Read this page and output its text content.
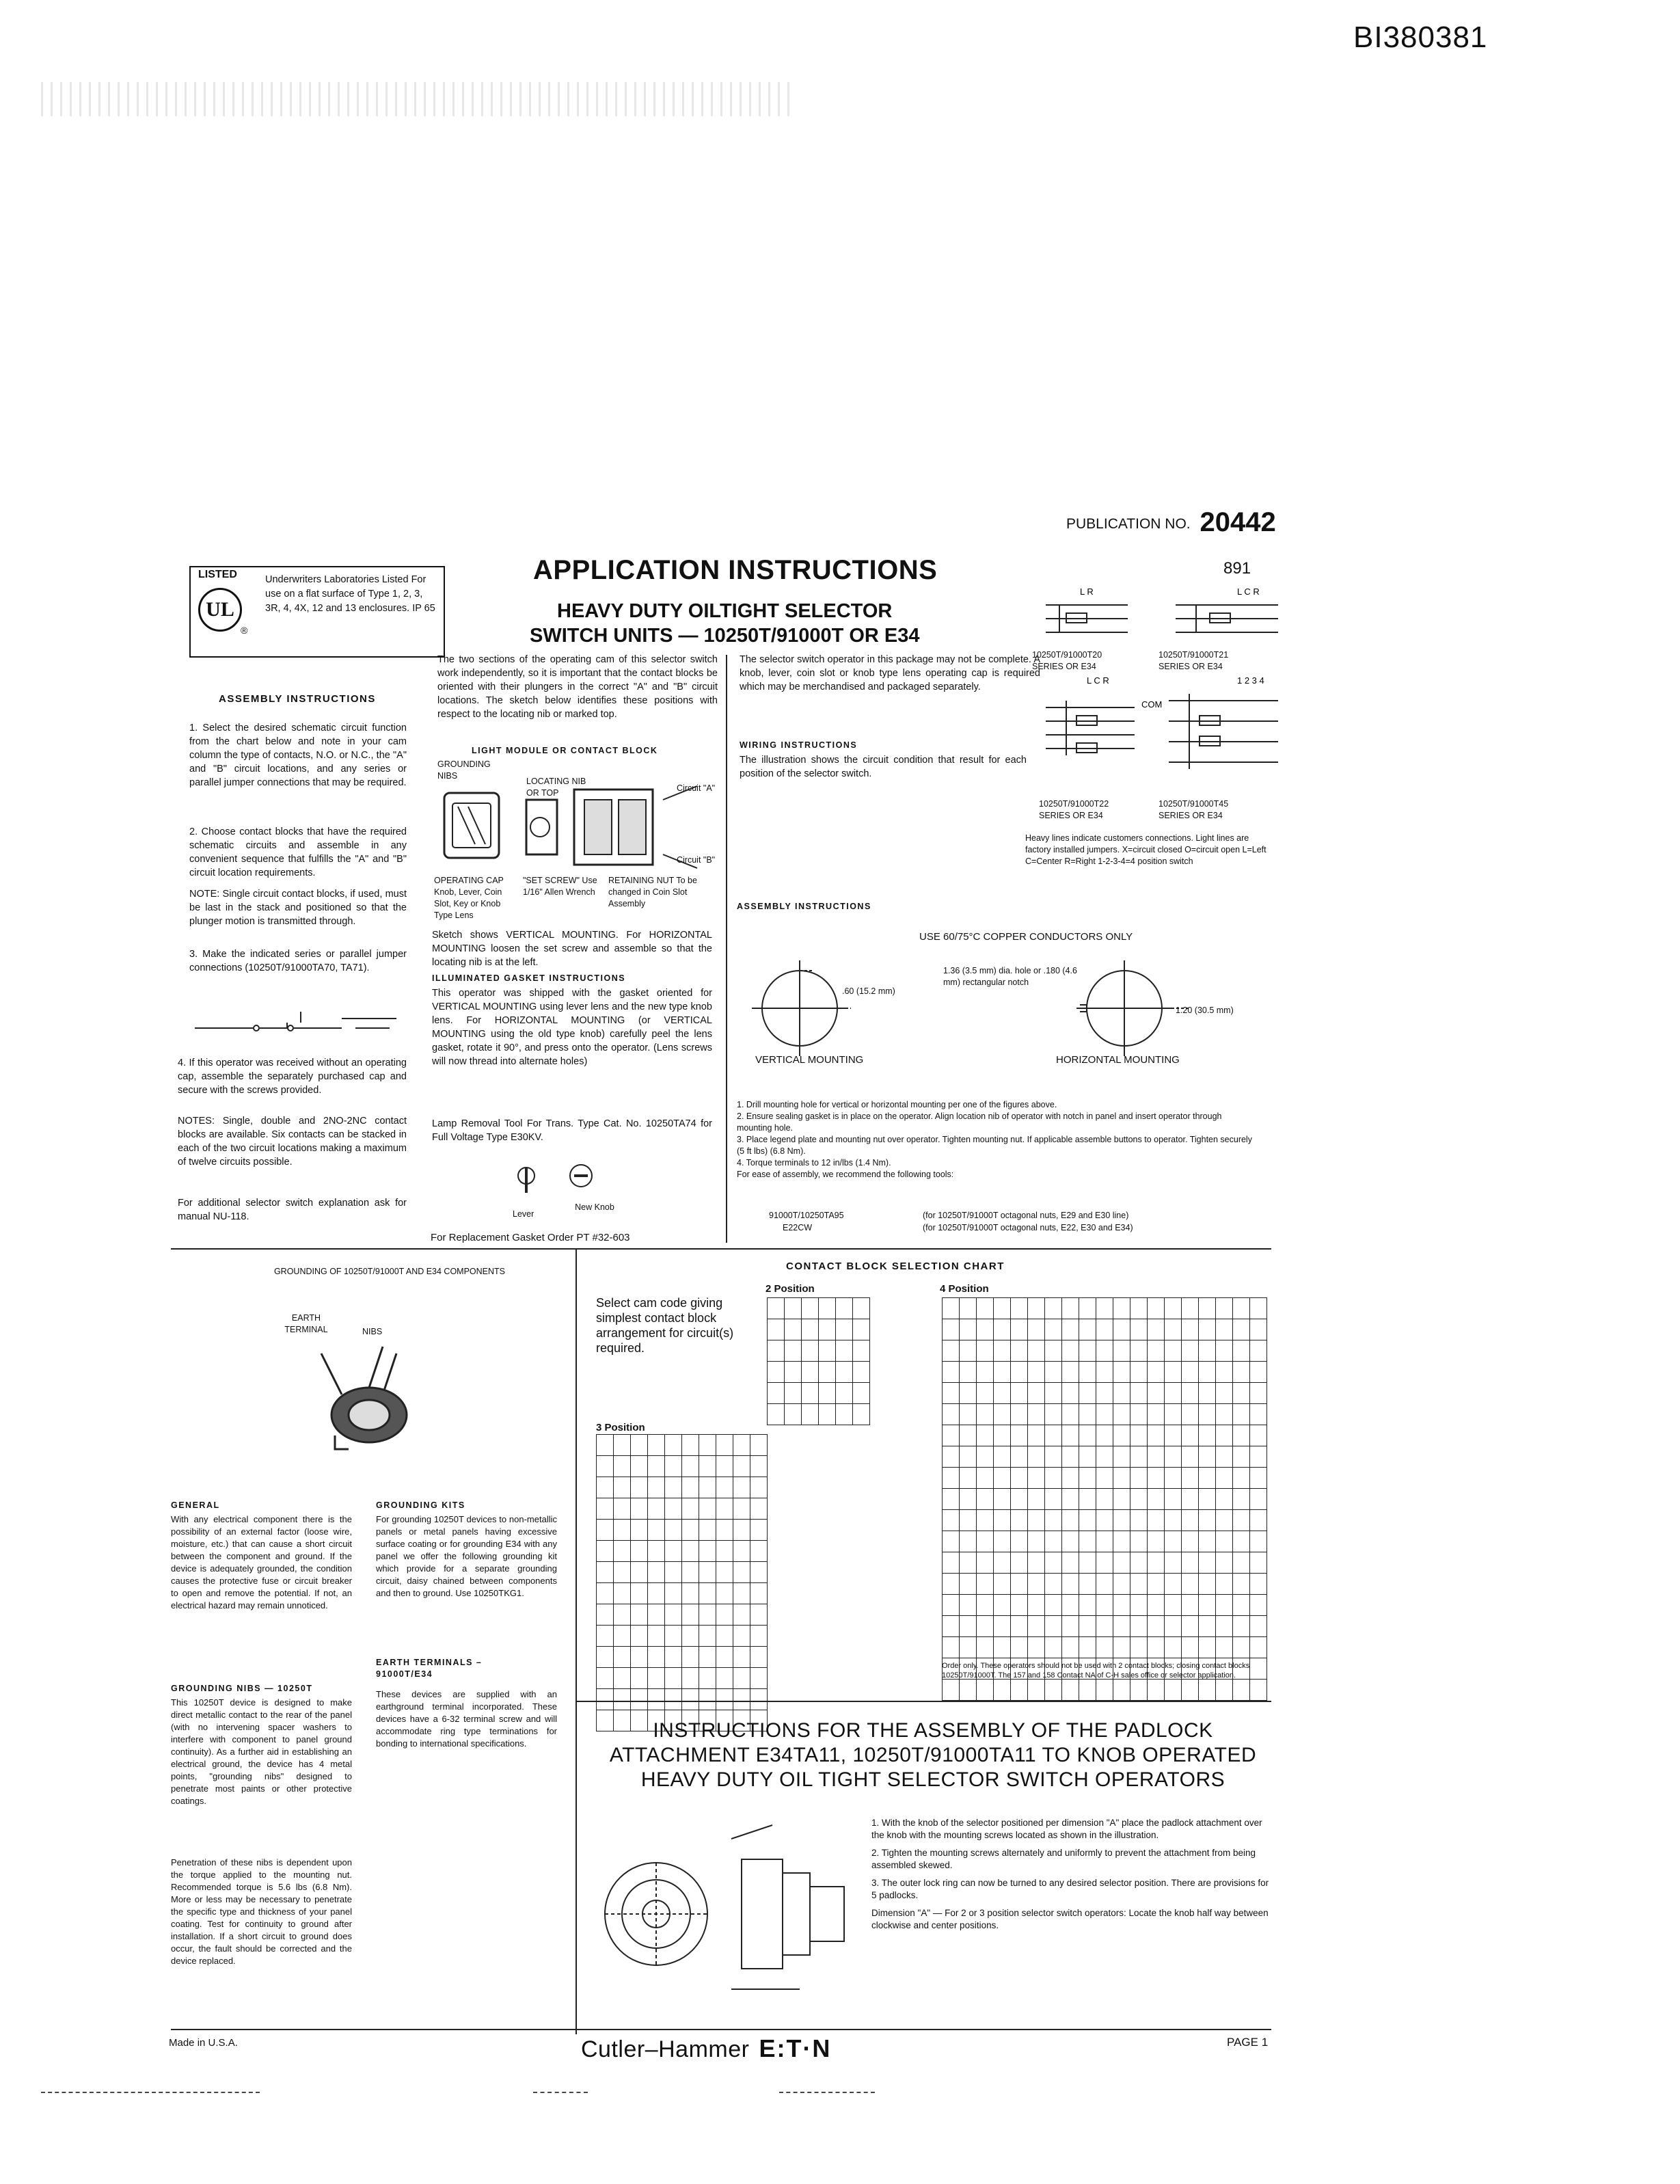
BI380381
PUBLICATION NO. 20442
891
LISTED
UL
®
Underwriters Laboratories Listed For use on a flat surface of Type 1, 2, 3, 3R, 4, 4X, 12 and 13 enclosures. IP 65
APPLICATION INSTRUCTIONS
HEAVY DUTY OILTIGHT SELECTOR
SWITCH UNITS — 10250T/91000T OR E34
ASSEMBLY INSTRUCTIONS
1. Select the desired schematic circuit function from the chart below and note in your cam column the type of contacts, N.O. or N.C., the "A" and "B" circuit locations, and any series or parallel jumper connections that may be required.
2. Choose contact blocks that have the required schematic circuits and assemble in any convenient sequence that fulfills the "A" and "B" circuit location requirements.
NOTE: Single circuit contact blocks, if used, must be last in the stack and positioned so that the plunger motion is transmitted through.
3. Make the indicated series or parallel jumper connections (10250T/91000TA70, TA71).
4. If this operator was received without an operating cap, assemble the separately purchased cap and secure with the screws provided.
NOTES: Single, double and 2NO-2NC contact blocks are available. Six contacts can be stacked in each of the two circuit locations making a maximum of twelve circuits possible.
For additional selector switch explanation ask for manual NU-118.
The two sections of the operating cam of this selector switch work independently, so it is important that the contact blocks be oriented with their plungers in the correct "A" and "B" circuit locations. The sketch below identifies these positions with respect to the locating nib or marked top.
LIGHT MODULE OR CONTACT BLOCK
GROUNDING NIBS
LOCATING NIB OR TOP	Circuit "A"
Circuit "B"
OPERATING CAP Knob, Lever, Coin Slot, Key or Knob Type Lens
"SET SCREW" Use 1/16" Allen Wrench
RETAINING NUT To be changed in Coin Slot Assembly
Sketch shows VERTICAL MOUNTING. For HORIZONTAL MOUNTING loosen the set screw and assemble so that the locating nib is at the left.
ILLUMINATED GASKET INSTRUCTIONS
This operator was shipped with the gasket oriented for VERTICAL MOUNTING using lever lens and the new type knob lens. For HORIZONTAL MOUNTING (or VERTICAL MOUNTING using the old type knob) carefully peel the lens gasket, rotate it 90°, and press onto the operator. (Lens screws will now thread into alternate holes)
Lamp Removal Tool For Trans. Type Cat. No. 10250TA74 for Full Voltage Type E30KV.
Lever
New Knob
For Replacement Gasket Order PT #32-603
The selector switch operator in this package may not be complete. A knob, lever, coin slot or knob type lens operating cap is required which may be merchandised and packaged separately.
WIRING INSTRUCTIONS
The illustration shows the circuit condition that result for each position of the selector switch.
L R	L C R
COM
L C R	1 2 3 4
10250T/91000T20 SERIES OR E34
10250T/91000T21 SERIES OR E34
10250T/91000T22 SERIES OR E34
10250T/91000T45 SERIES OR E34
Heavy lines indicate customers connections. Light lines are factory installed jumpers. X=circuit closed O=circuit open L=Left C=Center R=Right 1-2-3-4=4 position switch
ASSEMBLY INSTRUCTIONS
USE 60/75°C COPPER CONDUCTORS ONLY
.60 (15.2 mm)
1.36 (3.5 mm) dia. hole or .180 (4.6 mm) rectangular notch
1.20 (30.5 mm)
VERTICAL MOUNTING	HORIZONTAL MOUNTING
1. Drill mounting hole for vertical or horizontal mounting per one of the figures above.
2. Ensure sealing gasket is in place on the operator. Align location nib of operator with notch in panel and insert operator through mounting hole.
3. Place legend plate and mounting nut over operator. Tighten mounting nut. If applicable assemble buttons to operator. Tighten securely (5 ft lbs) (6.8 Nm).
4. Torque terminals to 12 in/lbs (1.4 Nm).
For ease of assembly, we recommend the following tools:
91000T/10250TA95	(for 10250T/91000T octagonal nuts, E29 and E30 line)
E22CW	(for 10250T/91000T octagonal nuts, E22, E30 and E34)
GROUNDING OF 10250T/91000T AND E34 COMPONENTS
EARTH TERMINAL	NIBS
GENERAL
With any electrical component there is the possibility of an external factor (loose wire, moisture, etc.) that can cause a short circuit between the component and ground. If the device is adequately grounded, the condition causes the protective fuse or circuit breaker to open and remove the potential. If not, an electrical hazard may remain unnoticed.
GROUNDING KITS
For grounding 10250T devices to non-metallic panels or metal panels having excessive surface coating or for grounding E34 with any panel we offer the following grounding kit which provide for a separate grounding circuit, daisy chained between components and then to ground. Use 10250TKG1.
EARTH TERMINALS – 91000T/E34
These devices are supplied with an earthground terminal incorporated. These devices have a 6-32 terminal screw and will accommodate ring type terminations for bonding to international specifications.
GROUNDING NIBS — 10250T
This 10250T device is designed to make direct metallic contact to the rear of the panel (with no intervening spacer washers to interfere with component to panel ground continuity). As a further aid in establishing an electrical ground, the device has 4 metal points, "grounding nibs" designed to penetrate most paints or other protective coatings.
Penetration of these nibs is dependent upon the torque applied to the mounting nut. Recommended torque is 5.6 lbs (6.8 Nm). More or less may be necessary to penetrate the specific type and thickness of your panel coating. Test for continuity to ground after installation. If a short circuit to ground does occur, the fault should be corrected and the device replaced.
CONTACT BLOCK SELECTION CHART
2 Position	4 Position
Select cam code giving simplest contact block arrangement for circuit(s) required.

3 Position

Order only. These operators should not be used with 2 contact blocks; closing contact blocks 10250T/91000T. The 157 and 158 Contact NA of C-H sales office or selector application.
INSTRUCTIONS FOR THE ASSEMBLY OF THE PADLOCK ATTACHMENT E34TA11, 10250T/91000TA11 TO KNOB OPERATED HEAVY DUTY OIL TIGHT SELECTOR SWITCH OPERATORS
1. With the knob of the selector positioned per dimension "A" place the padlock attachment over the knob with the mounting screws located as shown in the illustration.
2. Tighten the mounting screws alternately and uniformly to prevent the attachment from being assembled skewed.
3. The outer lock ring can now be turned to any desired selector position. There are provisions for 5 padlocks.
Dimension "A" — For 2 or 3 position selector switch operators: Locate the knob half way between clockwise and center positions.
Made in U.S.A.	Cutler–Hammer E:T·N	PAGE 1
